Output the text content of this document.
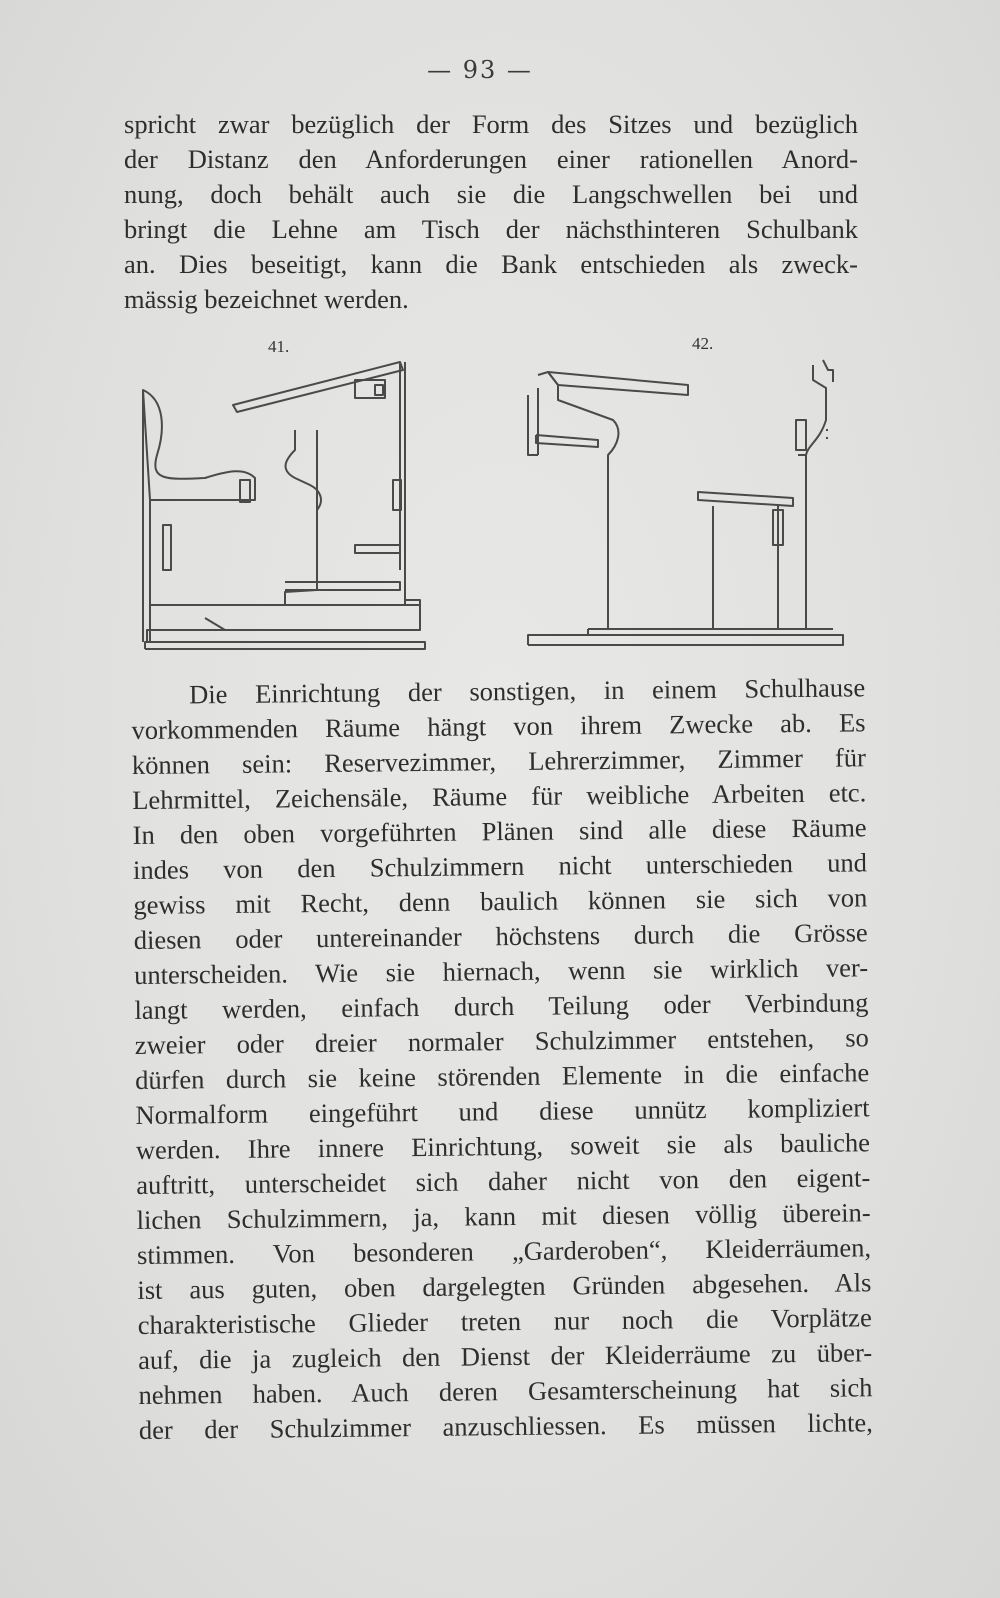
— 93 —
spricht zwar bezüglich der Form des Sitzes und bezüglich
der Distanz den Anforderungen einer rationellen Anord-
nung, doch behält auch sie die Langschwellen bei und
bringt die Lehne am Tisch der nächsthinteren Schulbank
an. Dies beseitigt, kann die Bank entschieden als zweck-
mässig bezeichnet werden.
41.	42.
Die Einrichtung der sonstigen, in einem Schulhause
vorkommenden Räume hängt von ihrem Zwecke ab. Es
können sein: Reservezimmer, Lehrerzimmer, Zimmer für
Lehrmittel, Zeichensäle, Räume für weibliche Arbeiten etc.
In den oben vorgeführten Plänen sind alle diese Räume
indes von den Schulzimmern nicht unterschieden und
gewiss mit Recht, denn baulich können sie sich von
diesen oder untereinander höchstens durch die Grösse
unterscheiden. Wie sie hiernach, wenn sie wirklich ver-
langt werden, einfach durch Teilung oder Verbindung
zweier oder dreier normaler Schulzimmer entstehen, so
dürfen durch sie keine störenden Elemente in die einfache
Normalform eingeführt und diese unnütz kompliziert
werden. Ihre innere Einrichtung, soweit sie als bauliche
auftritt, unterscheidet sich daher nicht von den eigent-
lichen Schulzimmern, ja, kann mit diesen völlig überein-
stimmen. Von besonderen „Garderoben“, Kleiderräumen,
ist aus guten, oben dargelegten Gründen abgesehen. Als
charakteristische Glieder treten nur noch die Vorplätze
auf, die ja zugleich den Dienst der Kleiderräume zu über-
nehmen haben. Auch deren Gesamterscheinung hat sich
der der Schulzimmer anzuschliessen. Es müssen lichte,
